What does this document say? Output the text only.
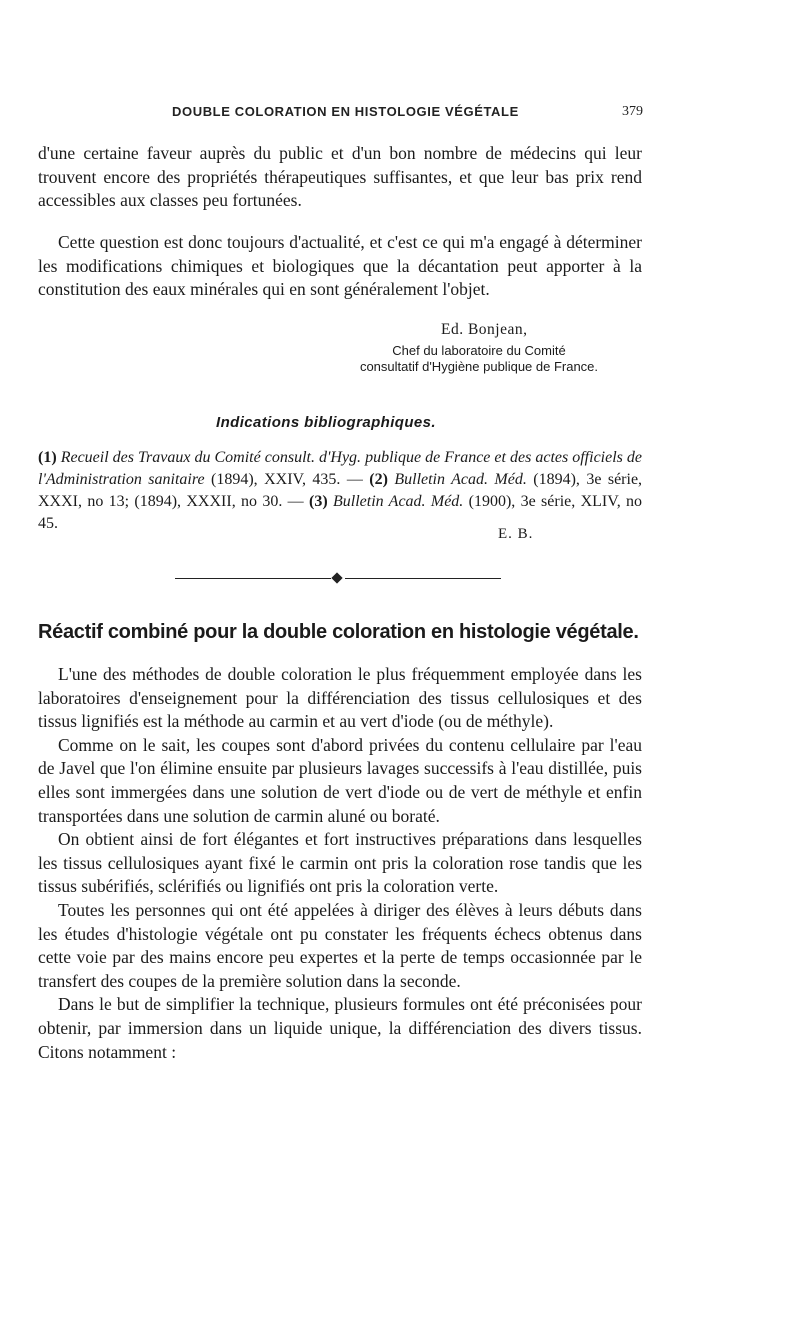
DOUBLE COLORATION EN HISTOLOGIE VÉGÉTALE	379

d'une certaine faveur auprès du public et d'un bon nombre de médecins qui leur trouvent encore des propriétés thérapeutiques suffisantes, et que leur bas prix rend accessibles aux classes peu fortunées.

Cette question est donc toujours d'actualité, et c'est ce qui m'a engagé à déterminer les modifications chimiques et biologiques que la décantation peut apporter à la constitution des eaux minérales qui en sont généralement l'objet.

Ed. Bonjean,
Chef du laboratoire du Comité
consultatif d'Hygiène publique de France.
Indications bibliographiques.
(1) Recueil des Travaux du Comité consult. d'Hyg. publique de France et des actes officiels de l'Administration sanitaire (1894), XXIV, 435. — (2) Bulletin Acad. Méd. (1894), 3e série, XXXI, no 13; (1894), XXXII, no 30. — (3) Bulletin Acad. Méd. (1900), 3e série, XLIV, no 45.
E. B.
Réactif combiné pour la double coloration en histologie végétale.

L'une des méthodes de double coloration le plus fréquemment employée dans les laboratoires d'enseignement pour la différenciation des tissus cellulosiques et des tissus lignifiés est la méthode au carmin et au vert d'iode (ou de méthyle).

Comme on le sait, les coupes sont d'abord privées du contenu cellulaire par l'eau de Javel que l'on élimine ensuite par plusieurs lavages successifs à l'eau distillée, puis elles sont immergées dans une solution de vert d'iode ou de vert de méthyle et enfin transportées dans une solution de carmin aluné ou boraté.

On obtient ainsi de fort élégantes et fort instructives préparations dans lesquelles les tissus cellulosiques ayant fixé le carmin ont pris la coloration rose tandis que les tissus subérifiés, sclérifiés ou lignifiés ont pris la coloration verte.

Toutes les personnes qui ont été appelées à diriger des élèves à leurs débuts dans les études d'histologie végétale ont pu constater les fréquents échecs obtenus dans cette voie par des mains encore peu expertes et la perte de temps occasionnée par le transfert des coupes de la première solution dans la seconde.

Dans le but de simplifier la technique, plusieurs formules ont été préconisées pour obtenir, par immersion dans un liquide unique, la différenciation des divers tissus. Citons notamment :
